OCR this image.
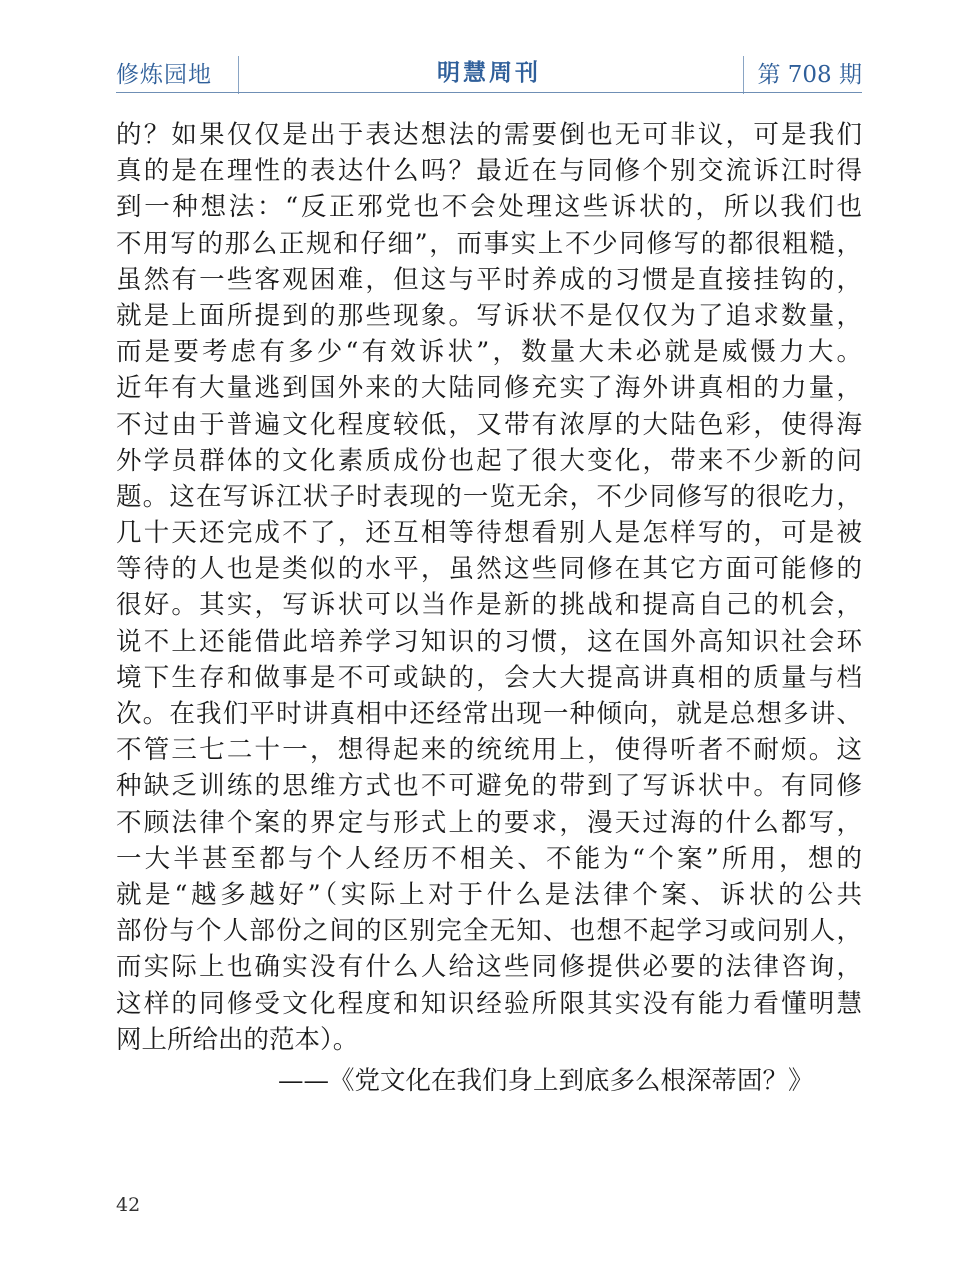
修炼园地	明慧周刊	第 708 期
的？如果仅仅是出于表达想法的需要倒也无可非议，可是我们
真的是在理性的表达什么吗？最近在与同修个别交流诉江时得
到一种想法：“反正邪党也不会处理这些诉状的，所以我们也
不用写的那么正规和仔细”，而事实上不少同修写的都很粗糙，
虽然有一些客观困难，但这与平时养成的习惯是直接挂钩的，
就是上面所提到的那些现象。写诉状不是仅仅为了追求数量，
而是要考虑有多少“有效诉状”，数量大未必就是威慑力大。
近年有大量逃到国外来的大陆同修充实了海外讲真相的力量，
不过由于普遍文化程度较低，又带有浓厚的大陆色彩，使得海
外学员群体的文化素质成份也起了很大变化，带来不少新的问
题。这在写诉江状子时表现的一览无余，不少同修写的很吃力，
几十天还完成不了，还互相等待想看别人是怎样写的，可是被
等待的人也是类似的水平，虽然这些同修在其它方面可能修的
很好。其实，写诉状可以当作是新的挑战和提高自己的机会，
说不上还能借此培养学习知识的习惯，这在国外高知识社会环
境下生存和做事是不可或缺的，会大大提高讲真相的质量与档
次。在我们平时讲真相中还经常出现一种倾向，就是总想多讲、
不管三七二十一，想得起来的统统用上，使得听者不耐烦。这
种缺乏训练的思维方式也不可避免的带到了写诉状中。有同修
不顾法律个案的界定与形式上的要求，漫天过海的什么都写，
一大半甚至都与个人经历不相关、不能为“个案”所用，想的
就是“越多越好”（实际上对于什么是法律个案、诉状的公共
部份与个人部份之间的区别完全无知、也想不起学习或问别人，
而实际上也确实没有什么人给这些同修提供必要的法律咨询，
这样的同修受文化程度和知识经验所限其实没有能力看懂明慧
网上所给出的范本）。
——《党文化在我们身上到底多么根深蒂固？》
42
